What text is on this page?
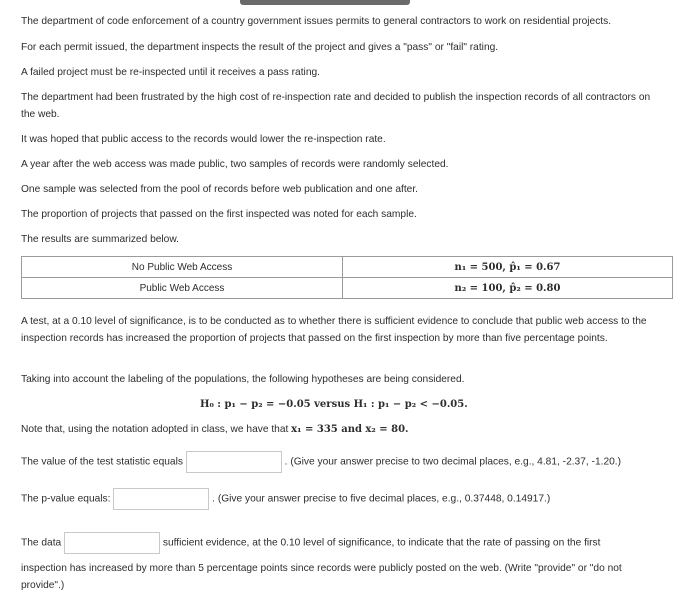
The department of code enforcement of a country government issues permits to general contractors to work on residential projects.

For each permit issued, the department inspects the result of the project and gives a "pass" or "fail" rating.

A failed project must be re-inspected until it receives a pass rating.

The department had been frustrated by the high cost of re-inspection rate and decided to publish the inspection records of all contractors on the web.

It was hoped that public access to the records would lower the re-inspection rate.

A year after the web access was made public, two samples of records were randomly selected.

One sample was selected from the pool of records before web publication and one after.

The proportion of projects that passed on the first inspected was noted for each sample.

The results are summarized below.

No Public Web Access	n₁ = 500, p̂₁ = 0.67
Public Web Access	n₂ = 100, p̂₂ = 0.80

A test, at a 0.10 level of significance, is to be conducted as to whether there is sufficient evidence to conclude that public web access to the inspection records has increased the proportion of projects that passed on the first inspection by more than five percentage points.

Taking into account the labeling of the populations, the following hypotheses are being considered.

H₀ : p₁ − p₂ = −0.05 versus H₁ : p₁ − p₂ < −0.05.

Note that, using the notation adopted in class, we have that x₁ = 335 and x₂ = 80.

The value of the test statistic equals	. (Give your answer precise to two decimal places, e.g., 4.81, -2.37, -1.20.)
The p-value equals:	. (Give your answer precise to five decimal places, e.g., 0.37448, 0.14917.)
The data	sufficient evidence, at the 0.10 level of significance, to indicate that the rate of passing on the first

inspection has increased by more than 5 percentage points since records were publicly posted on the web. (Write "provide" or "do not provide".)
